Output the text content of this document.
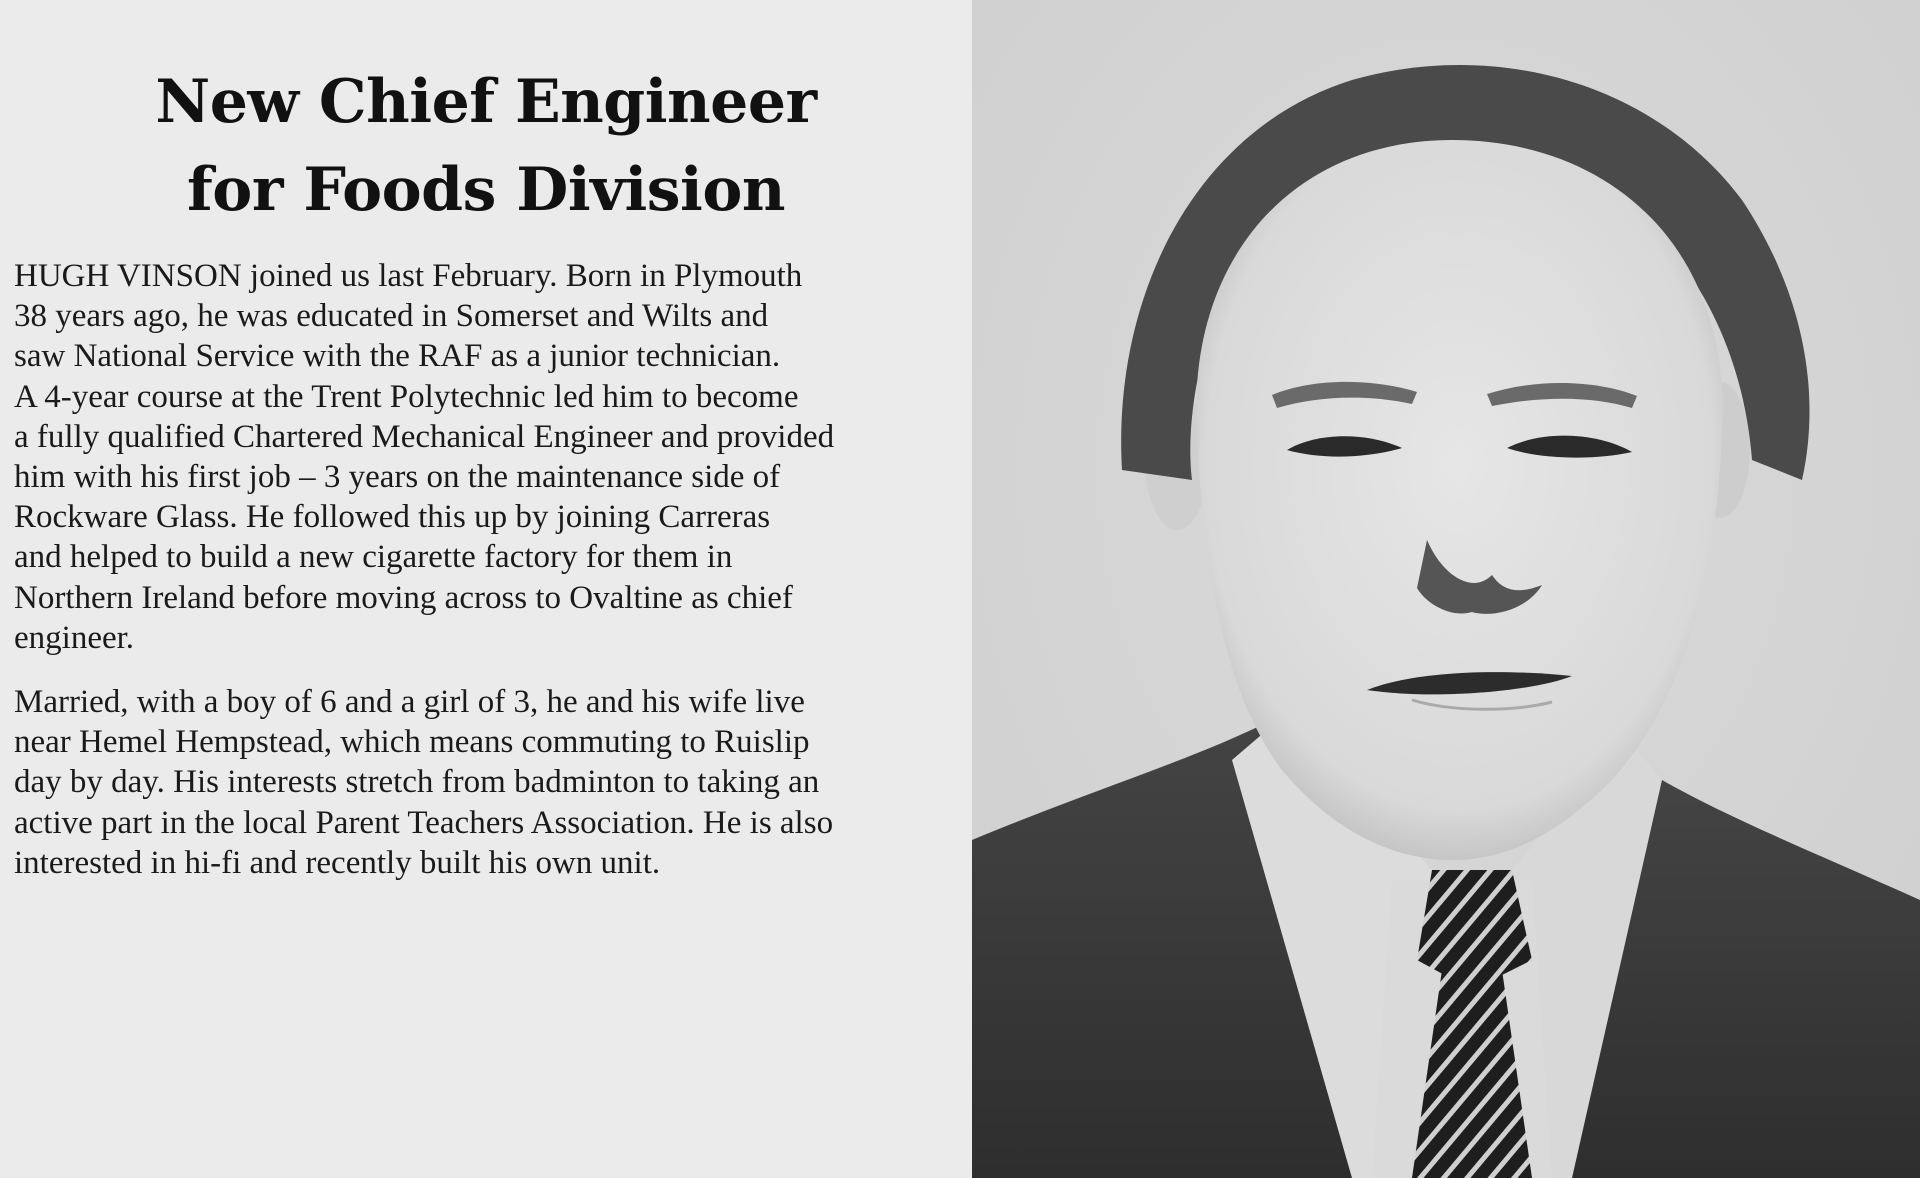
New Chief Engineer
for Foods Division

HUGH VINSON joined us last February. Born in Plymouth
38 years ago, he was educated in Somerset and Wilts and
saw National Service with the RAF as a junior technician.
A 4-year course at the Trent Polytechnic led him to become
a fully qualified Chartered Mechanical Engineer and provided
him with his first job – 3 years on the maintenance side of
Rockware Glass. He followed this up by joining Carreras
and helped to build a new cigarette factory for them in
Northern Ireland before moving across to Ovaltine as chief
engineer.

Married, with a boy of 6 and a girl of 3, he and his wife live
near Hemel Hempstead, which means commuting to Ruislip
day by day. His interests stretch from badminton to taking an
active part in the local Parent Teachers Association. He is also
interested in hi-fi and recently built his own unit.
